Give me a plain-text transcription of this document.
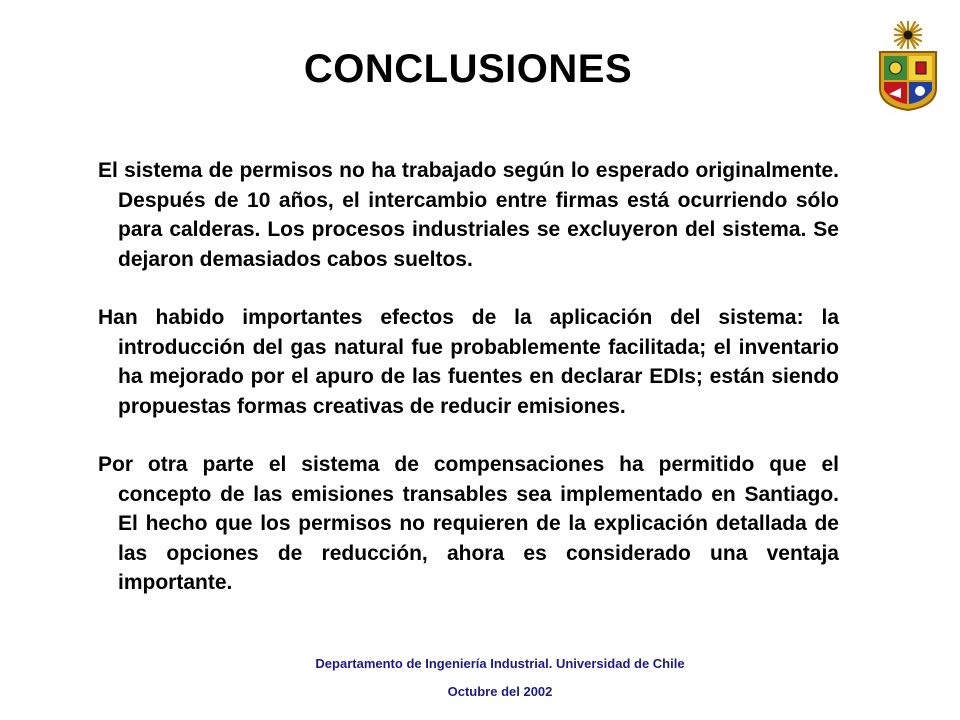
CONCLUSIONES

El sistema de permisos no ha trabajado según lo esperado originalmente. Después de 10 años, el intercambio entre firmas está ocurriendo sólo para calderas. Los procesos industriales se excluyeron del sistema. Se dejaron demasiados cabos sueltos.

Han habido importantes efectos de la aplicación del sistema: la introducción del gas natural fue probablemente facilitada; el inventario ha mejorado por el apuro de las fuentes en declarar EDIs; están siendo propuestas formas creativas de reducir emisiones.

Por otra parte el sistema de compensaciones ha permitido que el concepto de las emisiones transables sea implementado en Santiago. El hecho que los permisos no requieren de la explicación detallada de las opciones de reducción, ahora es considerado una ventaja importante.

Departamento de Ingeniería Industrial. Universidad de Chile
Octubre del 2002
